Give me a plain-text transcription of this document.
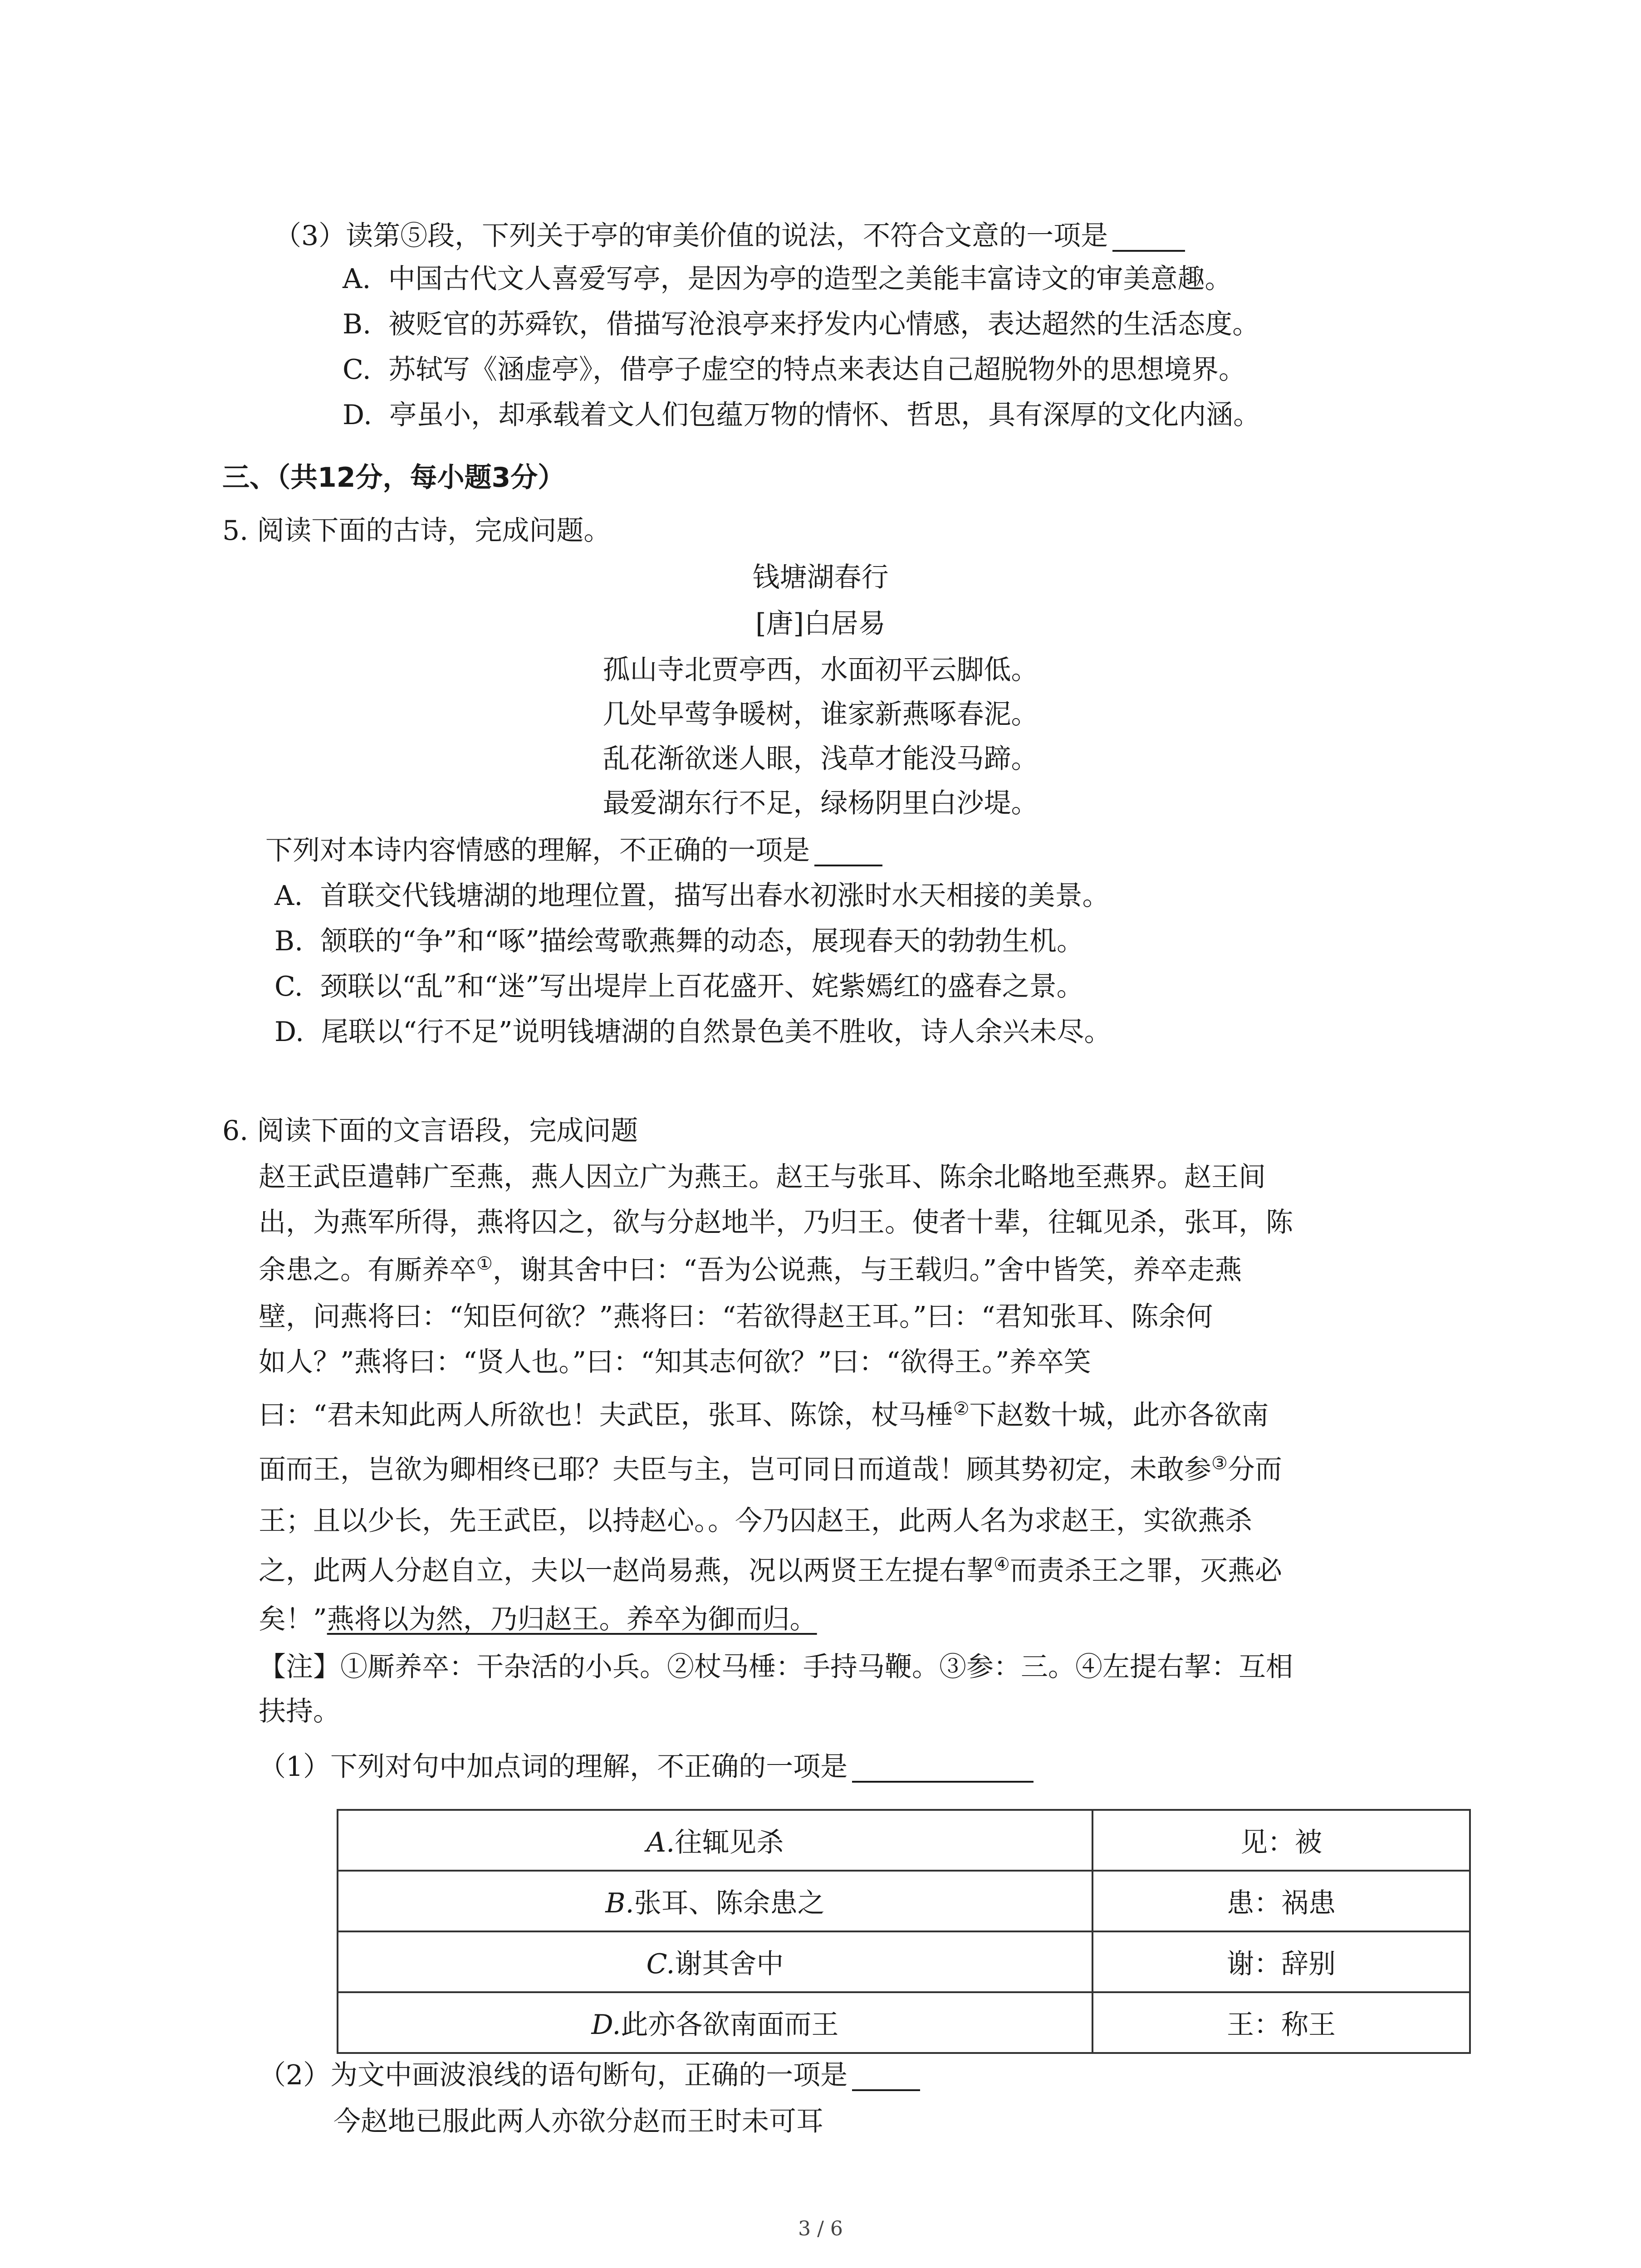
（3）读第⑤段，下列关于亭的审美价值的说法，不符合文意的一项是
A.  中国古代文人喜爱写亭，是因为亭的造型之美能丰富诗文的审美意趣。
B.  被贬官的苏舜钦，借描写沧浪亭来抒发内心情感，表达超然的生活态度。
C.  苏轼写《涵虚亭》，借亭子虚空的特点来表达自己超脱物外的思想境界。
D.  亭虽小，却承载着文人们包蕴万物的情怀、哲思，具有深厚的文化内涵。
三、（共12分，每小题3分）
5. 阅读下面的古诗，完成问题。
钱塘湖春行
[唐]白居易
孤山寺北贾亭西，水面初平云脚低。
几处早莺争暖树，谁家新燕啄春泥。
乱花渐欲迷人眼，浅草才能没马蹄。
最爱湖东行不足，绿杨阴里白沙堤。
下列对本诗内容情感的理解，不正确的一项是
A.  首联交代钱塘湖的地理位置，描写出春水初涨时水天相接的美景。
B.  颔联的“争”和“啄”描绘莺歌燕舞的动态，展现春天的勃勃生机。
C.  颈联以“乱”和“迷”写出堤岸上百花盛开、姹紫嫣红的盛春之景。
D.  尾联以“行不足”说明钱塘湖的自然景色美不胜收，诗人余兴未尽。
6. 阅读下面的文言语段，完成问题
赵王武臣遣韩广至燕，燕人因立广为燕王。赵王与张耳、陈余北略地至燕界。赵王间
出，为燕军所得，燕将囚之，欲与分赵地半，乃归王。使者十辈，往辄见杀，张耳，陈
余患之。有厮养卒①，谢其舍中曰：“吾为公说燕，与王载归。”舍中皆笑，养卒走燕
壁，问燕将曰：“知臣何欲？”燕将曰：“若欲得赵王耳。”曰：“君知张耳、陈余何
如人？”燕将曰：“贤人也。”曰：“知其志何欲？”曰：“欲得王。”养卒笑
曰：“君未知此两人所欲也！夫武臣，张耳、陈馀，杖马棰②下赵数十城，此亦各欲南
面而王，岂欲为卿相终已耶？夫臣与主，岂可同日而道哉！顾其势初定，未敢参③分而
王；且以少长，先王武臣，以持赵心。。今乃囚赵王，此两人名为求赵王，实欲燕杀
之，此两人分赵自立，夫以一赵尚易燕，况以两贤王左提右挈④而责杀王之罪，灭燕必
矣！”燕将以为然，乃归赵王。养卒为御而归。
【注】①厮养卒：干杂活的小兵。②杖马棰：手持马鞭。③参：三。④左提右挈：互相
扶持。
（1）下列对句中加点词的理解，不正确的一项是
A.往辄见杀	见：被
B.张耳、陈余患之	患：祸患
C.谢其舍中	谢：辞别
D.此亦各欲南面而王	王：称王
（2）为文中画波浪线的语句断句，正确的一项是
今赵地已服此两人亦欲分赵而王时未可耳
3 / 6
